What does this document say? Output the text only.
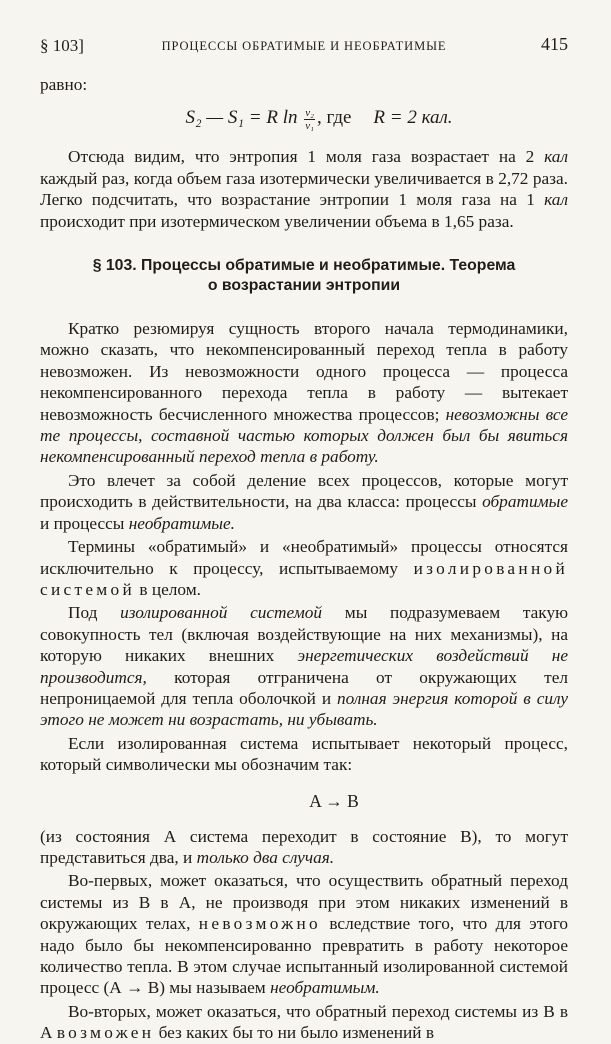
§ 103]	ПРОЦЕССЫ ОБРАТИМЫЕ И НЕОБРАТИМЫЕ	415

равно:

S₂ — S₁ = R $\ln \frac{\text{v₂}}{\text{v₁}}$ , где R = 2 кал.

Отсюда видим, что энтропия 1 моля газа возрастает на 2 кал каждый раз, когда объем газа изотермически увеличивается в 2,72 раза. Легко подсчитать, что возрастание энтропии 1 моля газа на 1 кал происходит при изотермическом увеличении объема в 1,65 раза.

§ 103. Процессы обратимые и необратимые. Теорема
о возрастании энтропии

Кратко резюмируя сущность второго начала термодинамики, можно сказать, что некомпенсированный переход тепла в работу невозможен. Из невозможности одного процесса — процесса некомпенсированного перехода тепла в работу — вытекает невозможность бесчисленного множества процессов; невозможны все те процессы, составной частью которых должен был бы явиться некомпенсированный переход тепла в работу.

Это влечет за собой деление всех процессов, которые могут происходить в действительности, на два класса: процессы обратимые и процессы необратимые.

Термины «обратимый» и «необратимый» процессы относятся исключительно к процессу, испытываемому изолированной системой в целом.

Под изолированной системой мы подразумеваем такую совокупность тел (включая воздействующие на них механизмы), на которую никаких внешних энергетических воздействий не производится, которая отграничена от окружающих тел непроницаемой для тепла оболочкой и полная энергия которой в силу этого не может ни возрастать, ни убывать.

Если изолированная система испытывает некоторый процесс, который символически мы обозначим так:

A → B

(из состояния А система переходит в состояние В), то могут представиться два, и только два случая.

Во-первых, может оказаться, что осуществить обратный переход системы из В в А, не производя при этом никаких изменений в окружающих телах, невозможно вследствие того, что для этого надо было бы некомпенсированно превратить в работу некоторое количество тепла. В этом случае испытанный изолированной системой процесс (А → В) мы называем необратимым.

Во-вторых, может оказаться, что обратный переход системы из В в А возможен без каких бы то ни было изменений в
